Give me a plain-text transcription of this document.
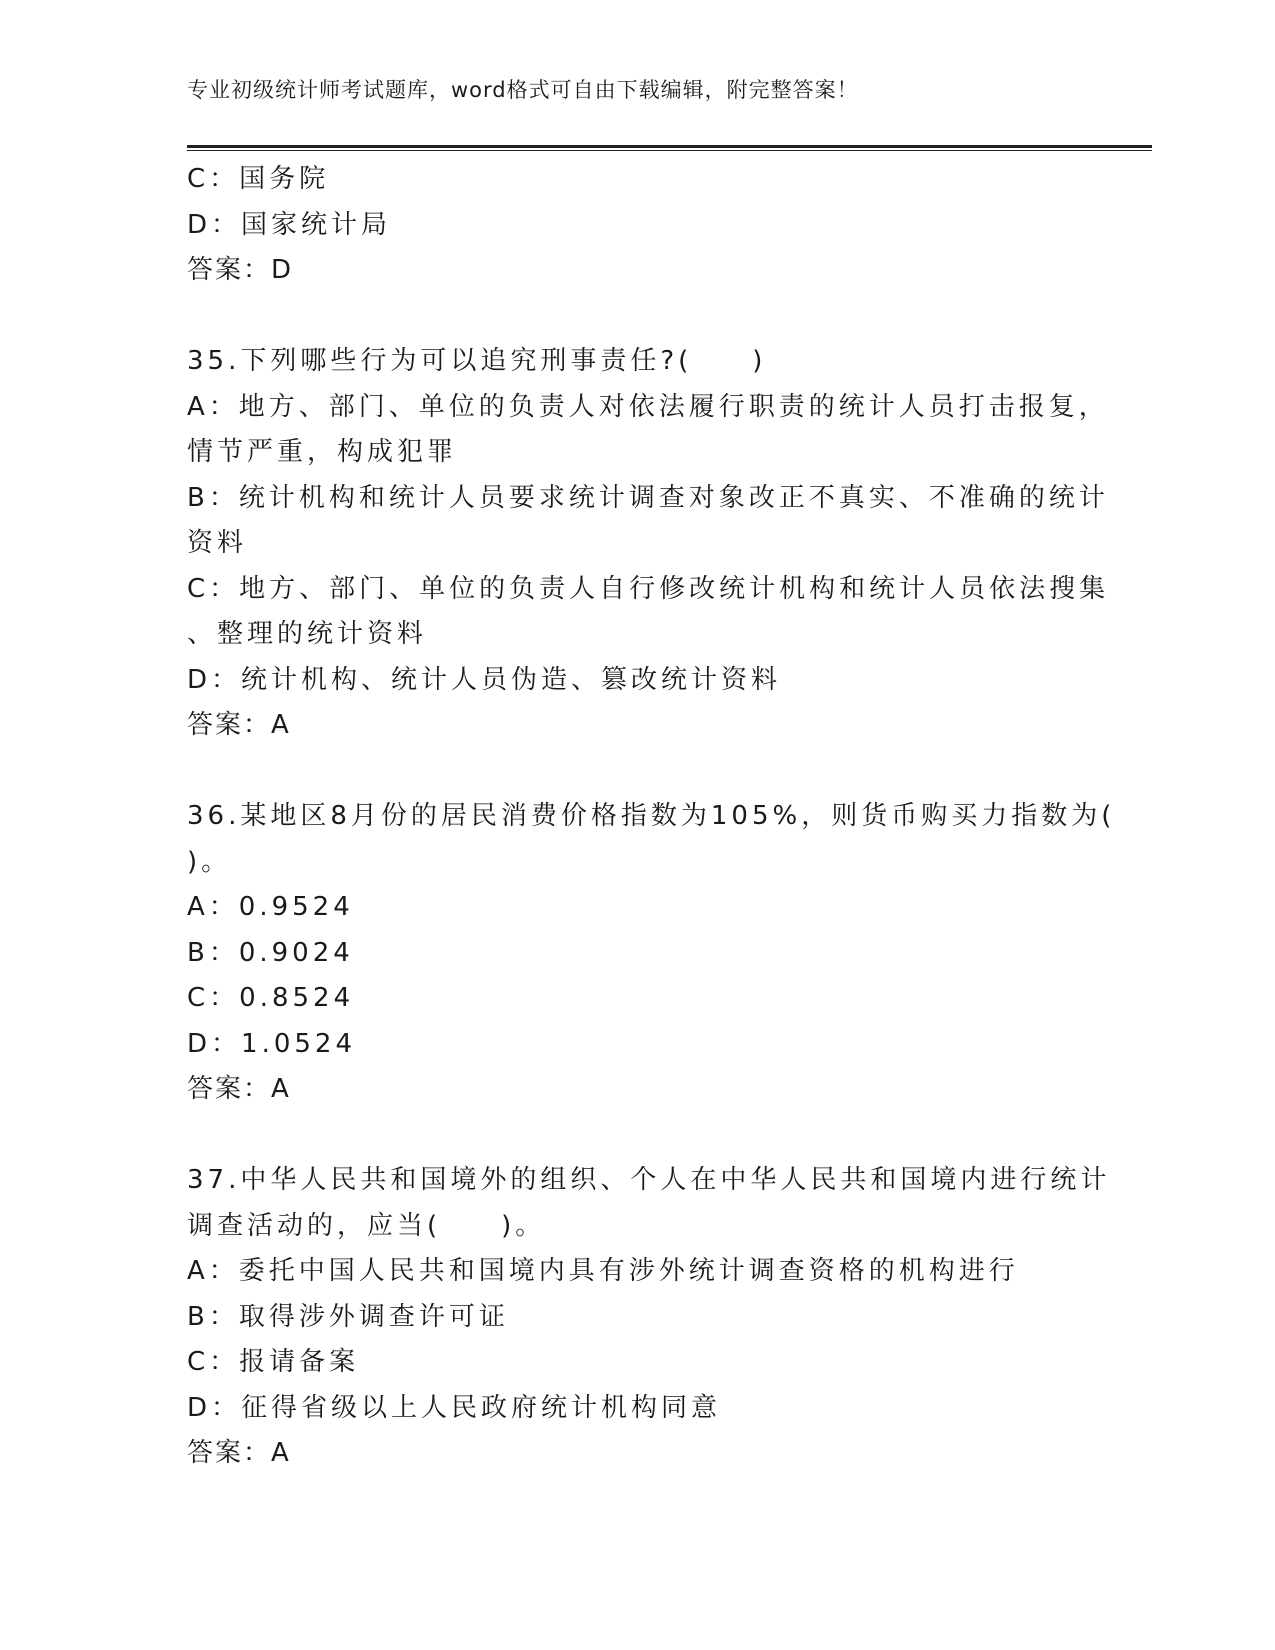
专业初级统计师考试题库，word格式可自由下载编辑，附完整答案！
C：国务院
D：国家统计局
答案：D
35.下列哪些行为可以追究刑事责任?(　　)
A：地方、部门、单位的负责人对依法履行职责的统计人员打击报复，
情节严重，构成犯罪
B：统计机构和统计人员要求统计调查对象改正不真实、不准确的统计
资料
C：地方、部门、单位的负责人自行修改统计机构和统计人员依法搜集
、整理的统计资料
D：统计机构、统计人员伪造、篡改统计资料
答案：A
36.某地区8月份的居民消费价格指数为105%，则货币购买力指数为(
)。
A：0.9524
B：0.9024
C：0.8524
D：1.0524
答案：A
37.中华人民共和国境外的组织、个人在中华人民共和国境内进行统计
调查活动的，应当(　　)。
A：委托中国人民共和国境内具有涉外统计调查资格的机构进行
B：取得涉外调查许可证
C：报请备案
D：征得省级以上人民政府统计机构同意
答案：A
